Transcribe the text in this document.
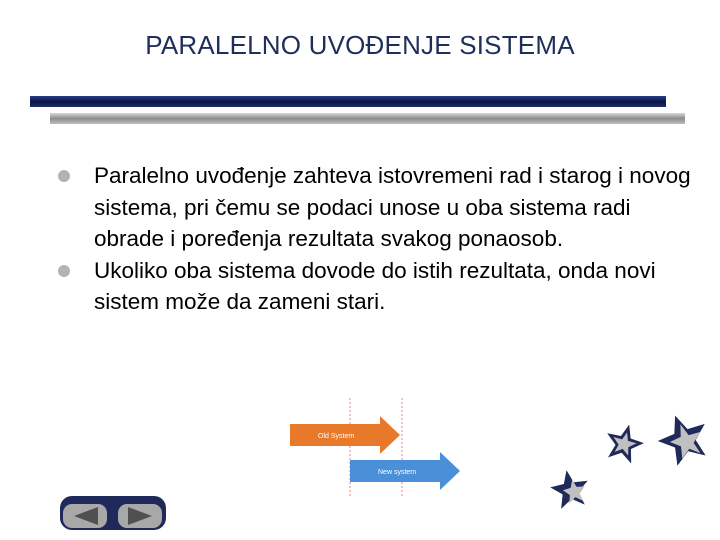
PARALELNO UVOĐENJE SISTEMA
Paralelno uvođenje zahteva istovremeni rad i starog i novog sistema, pri čemu se podaci unose u oba sistema radi obrade i poređenja rezultata svakog ponaosob.
Ukoliko oba sistema dovode do istih rezultata, onda novi sistem može da zameni stari.
Old System
New system
